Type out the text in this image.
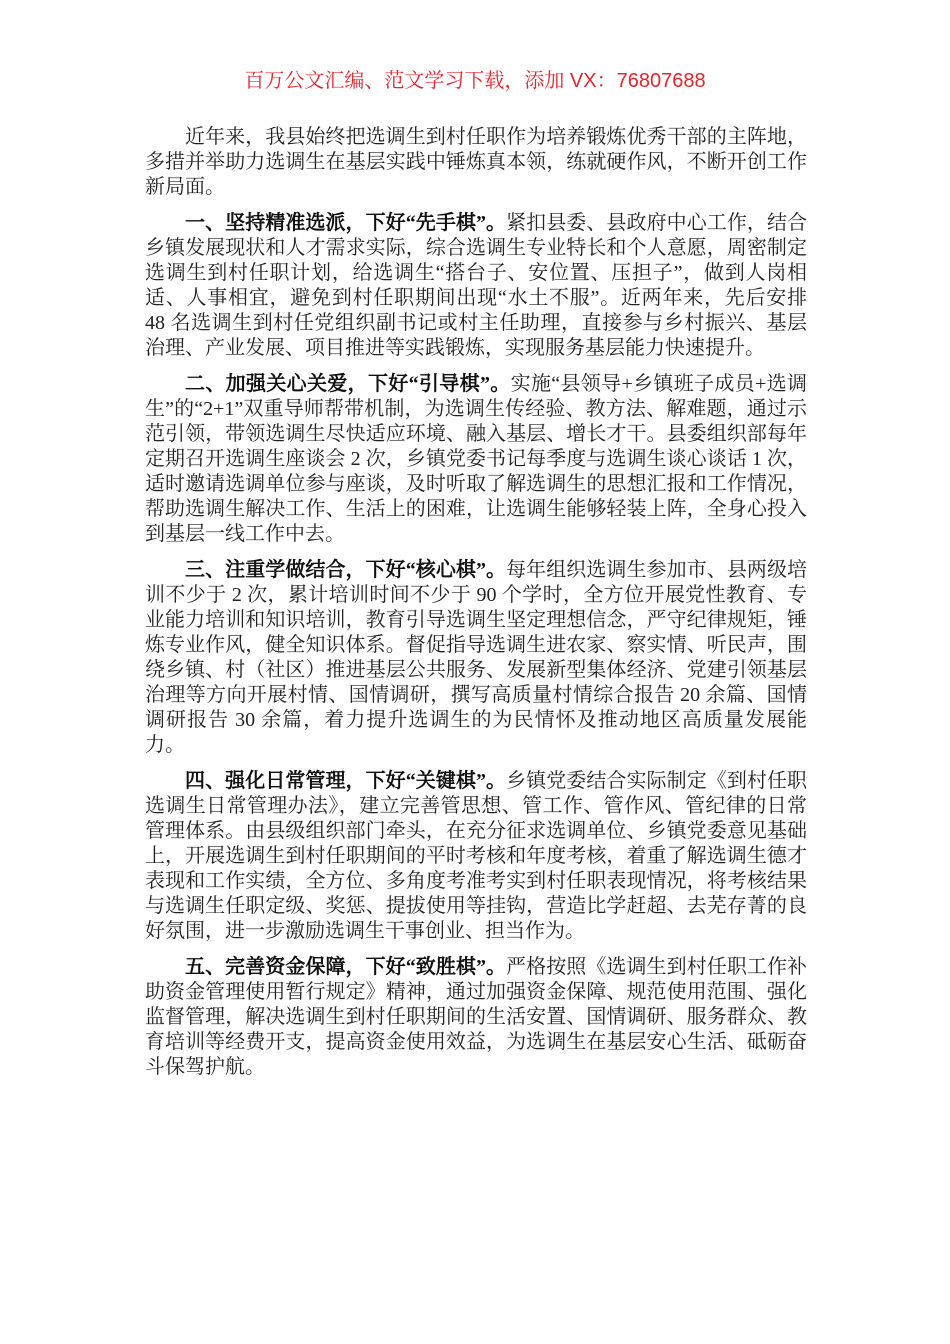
百万公文汇编、范文学习下载，添加 VX：76807688

近年来，我县始终把选调生到村任职作为培养锻炼优秀干部的主阵地，多措并举助力选调生在基层实践中锤炼真本领，练就硬作风，不断开创工作新局面。

一、坚持精准选派，下好“先手棋”。紧扣县委、县政府中心工作，结合乡镇发展现状和人才需求实际，综合选调生专业特长和个人意愿，周密制定选调生到村任职计划，给选调生“搭台子、安位置、压担子”，做到人岗相适、人事相宜，避免到村任职期间出现“水土不服”。近两年来，先后安排 48 名选调生到村任党组织副书记或村主任助理，直接参与乡村振兴、基层治理、产业发展、项目推进等实践锻炼，实现服务基层能力快速提升。

二、加强关心关爱，下好“引导棋”。实施“县领导+乡镇班子成员+选调生”的“2+1”双重导师帮带机制，为选调生传经验、教方法、解难题，通过示范引领，带领选调生尽快适应环境、融入基层、增长才干。县委组织部每年定期召开选调生座谈会 2 次，乡镇党委书记每季度与选调生谈心谈话 1 次，适时邀请选调单位参与座谈，及时听取了解选调生的思想汇报和工作情况，帮助选调生解决工作、生活上的困难，让选调生能够轻装上阵，全身心投入到基层一线工作中去。

三、注重学做结合，下好“核心棋”。每年组织选调生参加市、县两级培训不少于 2 次，累计培训时间不少于 90 个学时，全方位开展党性教育、专业能力培训和知识培训，教育引导选调生坚定理想信念，严守纪律规矩，锤炼专业作风，健全知识体系。督促指导选调生进农家、察实情、听民声，围绕乡镇、村（社区）推进基层公共服务、发展新型集体经济、党建引领基层治理等方向开展村情、国情调研，撰写高质量村情综合报告 20 余篇、国情调研报告 30 余篇，着力提升选调生的为民情怀及推动地区高质量发展能力。

四、强化日常管理，下好“关键棋”。乡镇党委结合实际制定《到村任职选调生日常管理办法》，建立完善管思想、管工作、管作风、管纪律的日常管理体系。由县级组织部门牵头，在充分征求选调单位、乡镇党委意见基础上，开展选调生到村任职期间的平时考核和年度考核，着重了解选调生德才表现和工作实绩，全方位、多角度考准考实到村任职表现情况，将考核结果与选调生任职定级、奖惩、提拔使用等挂钩，营造比学赶超、去芜存菁的良好氛围，进一步激励选调生干事创业、担当作为。

五、完善资金保障，下好“致胜棋”。严格按照《选调生到村任职工作补助资金管理使用暂行规定》精神，通过加强资金保障、规范使用范围、强化监督管理，解决选调生到村任职期间的生活安置、国情调研、服务群众、教育培训等经费开支，提高资金使用效益，为选调生在基层安心生活、砥砺奋斗保驾护航。
